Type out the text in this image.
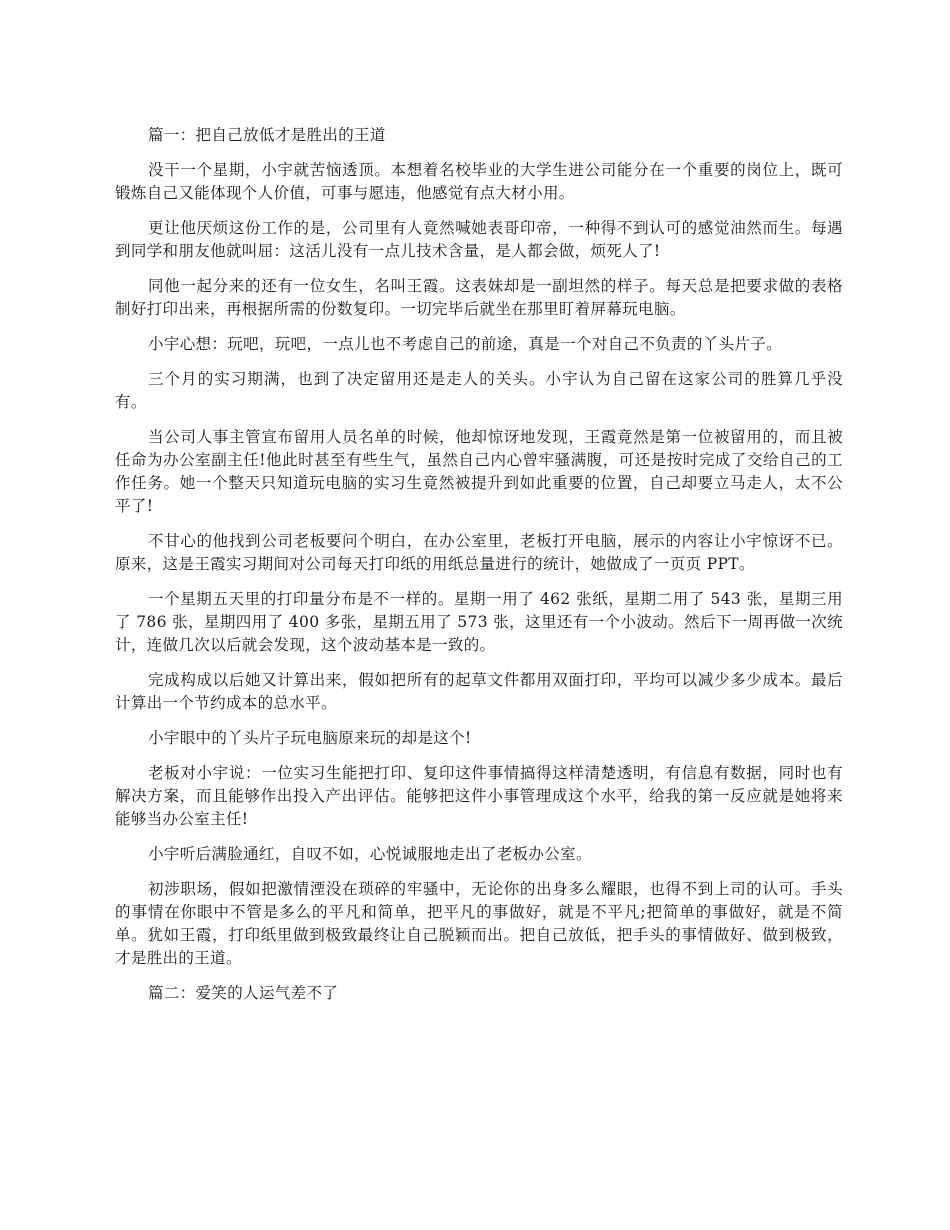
篇一：把自己放低才是胜出的王道

没干一个星期，小宇就苦恼透顶。本想着名校毕业的大学生进公司能分在一个重要的岗位上，既可锻炼自己又能体现个人价值，可事与愿违，他感觉有点大材小用。

更让他厌烦这份工作的是，公司里有人竟然喊她表哥印帝，一种得不到认可的感觉油然而生。每遇到同学和朋友他就叫屈：这活儿没有一点儿技术含量，是人都会做，烦死人了!

同他一起分来的还有一位女生，名叫王霞。这表妹却是一副坦然的样子。每天总是把要求做的表格制好打印出来，再根据所需的份数复印。一切完毕后就坐在那里盯着屏幕玩电脑。

小宇心想：玩吧，玩吧，一点儿也不考虑自己的前途，真是一个对自己不负责的丫头片子。

三个月的实习期满，也到了决定留用还是走人的关头。小宇认为自己留在这家公司的胜算几乎没有。

当公司人事主管宣布留用人员名单的时候，他却惊讶地发现，王霞竟然是第一位被留用的，而且被任命为办公室副主任!他此时甚至有些生气，虽然自己内心曾牢骚满腹，可还是按时完成了交给自己的工作任务。她一个整天只知道玩电脑的实习生竟然被提升到如此重要的位置，自己却要立马走人，太不公平了!

不甘心的他找到公司老板要问个明白，在办公室里，老板打开电脑，展示的内容让小宇惊讶不已。原来，这是王霞实习期间对公司每天打印纸的用纸总量进行的统计，她做成了一页页 PPT。

一个星期五天里的打印量分布是不一样的。星期一用了 462 张纸，星期二用了 543 张，星期三用了 786 张，星期四用了 400 多张，星期五用了 573 张，这里还有一个小波动。然后下一周再做一次统计，连做几次以后就会发现，这个波动基本是一致的。

完成构成以后她又计算出来，假如把所有的起草文件都用双面打印，平均可以减少多少成本。最后计算出一个节约成本的总水平。

小宇眼中的丫头片子玩电脑原来玩的却是这个!

老板对小宇说：一位实习生能把打印、复印这件事情搞得这样清楚透明，有信息有数据，同时也有解决方案，而且能够作出投入产出评估。能够把这件小事管理成这个水平，给我的第一反应就是她将来能够当办公室主任!

小宇听后满脸通红，自叹不如，心悦诚服地走出了老板办公室。

初涉职场，假如把激情湮没在琐碎的牢骚中，无论你的出身多么耀眼，也得不到上司的认可。手头的事情在你眼中不管是多么的平凡和简单，把平凡的事做好，就是不平凡;把简单的事做好，就是不简单。犹如王霞，打印纸里做到极致最终让自己脱颖而出。把自己放低，把手头的事情做好、做到极致，才是胜出的王道。

篇二：爱笑的人运气差不了
